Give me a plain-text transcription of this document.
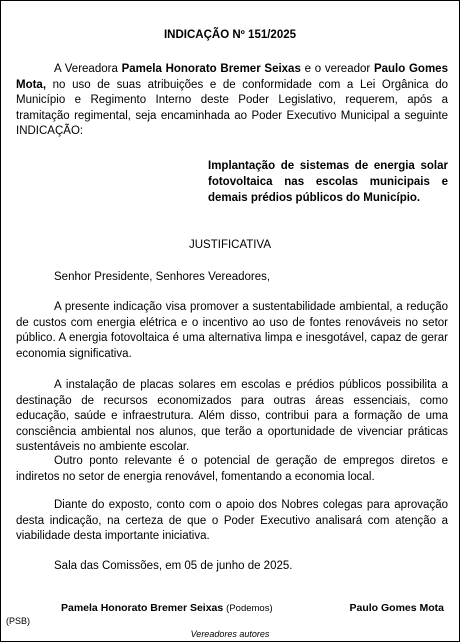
INDICAÇÃO Nº 151/2025

A Vereadora Pamela Honorato Bremer Seixas e o vereador Paulo Gomes Mota, no uso de suas atribuições e de conformidade com a Lei Orgânica do Município e Regimento Interno deste Poder Legislativo, requerem, após a tramitação regimental, seja encaminhada ao Poder Executivo Municipal a seguinte INDICAÇÃO:

Implantação de sistemas de energia solar fotovoltaica nas escolas municipais e demais prédios públicos do Município.
JUSTIFICATIVA

Senhor Presidente, Senhores Vereadores,

A presente indicação visa promover a sustentabilidade ambiental, a redução de custos com energia elétrica e o incentivo ao uso de fontes renováveis no setor público. A energia fotovoltaica é uma alternativa limpa e inesgotável, capaz de gerar economia significativa.

A instalação de placas solares em escolas e prédios públicos possibilita a destinação de recursos economizados para outras áreas essenciais, como educação, saúde e infraestrutura. Além disso, contribui para a formação de uma consciência ambiental nos alunos, que terão a oportunidade de vivenciar práticas sustentáveis no ambiente escolar.

Outro ponto relevante é o potencial de geração de empregos diretos e indiretos no setor de energia renovável, fomentando a economia local.

Diante do exposto, conto com o apoio dos Nobres colegas para aprovação desta indicação, na certeza de que o Poder Executivo analisará com atenção a viabilidade desta importante iniciativa.

Sala das Comissões, em 05 de junho de 2025.

Pamela Honorato Bremer Seixas (Podemos)	Paulo Gomes Mota
(PSB)
Vereadores autores
